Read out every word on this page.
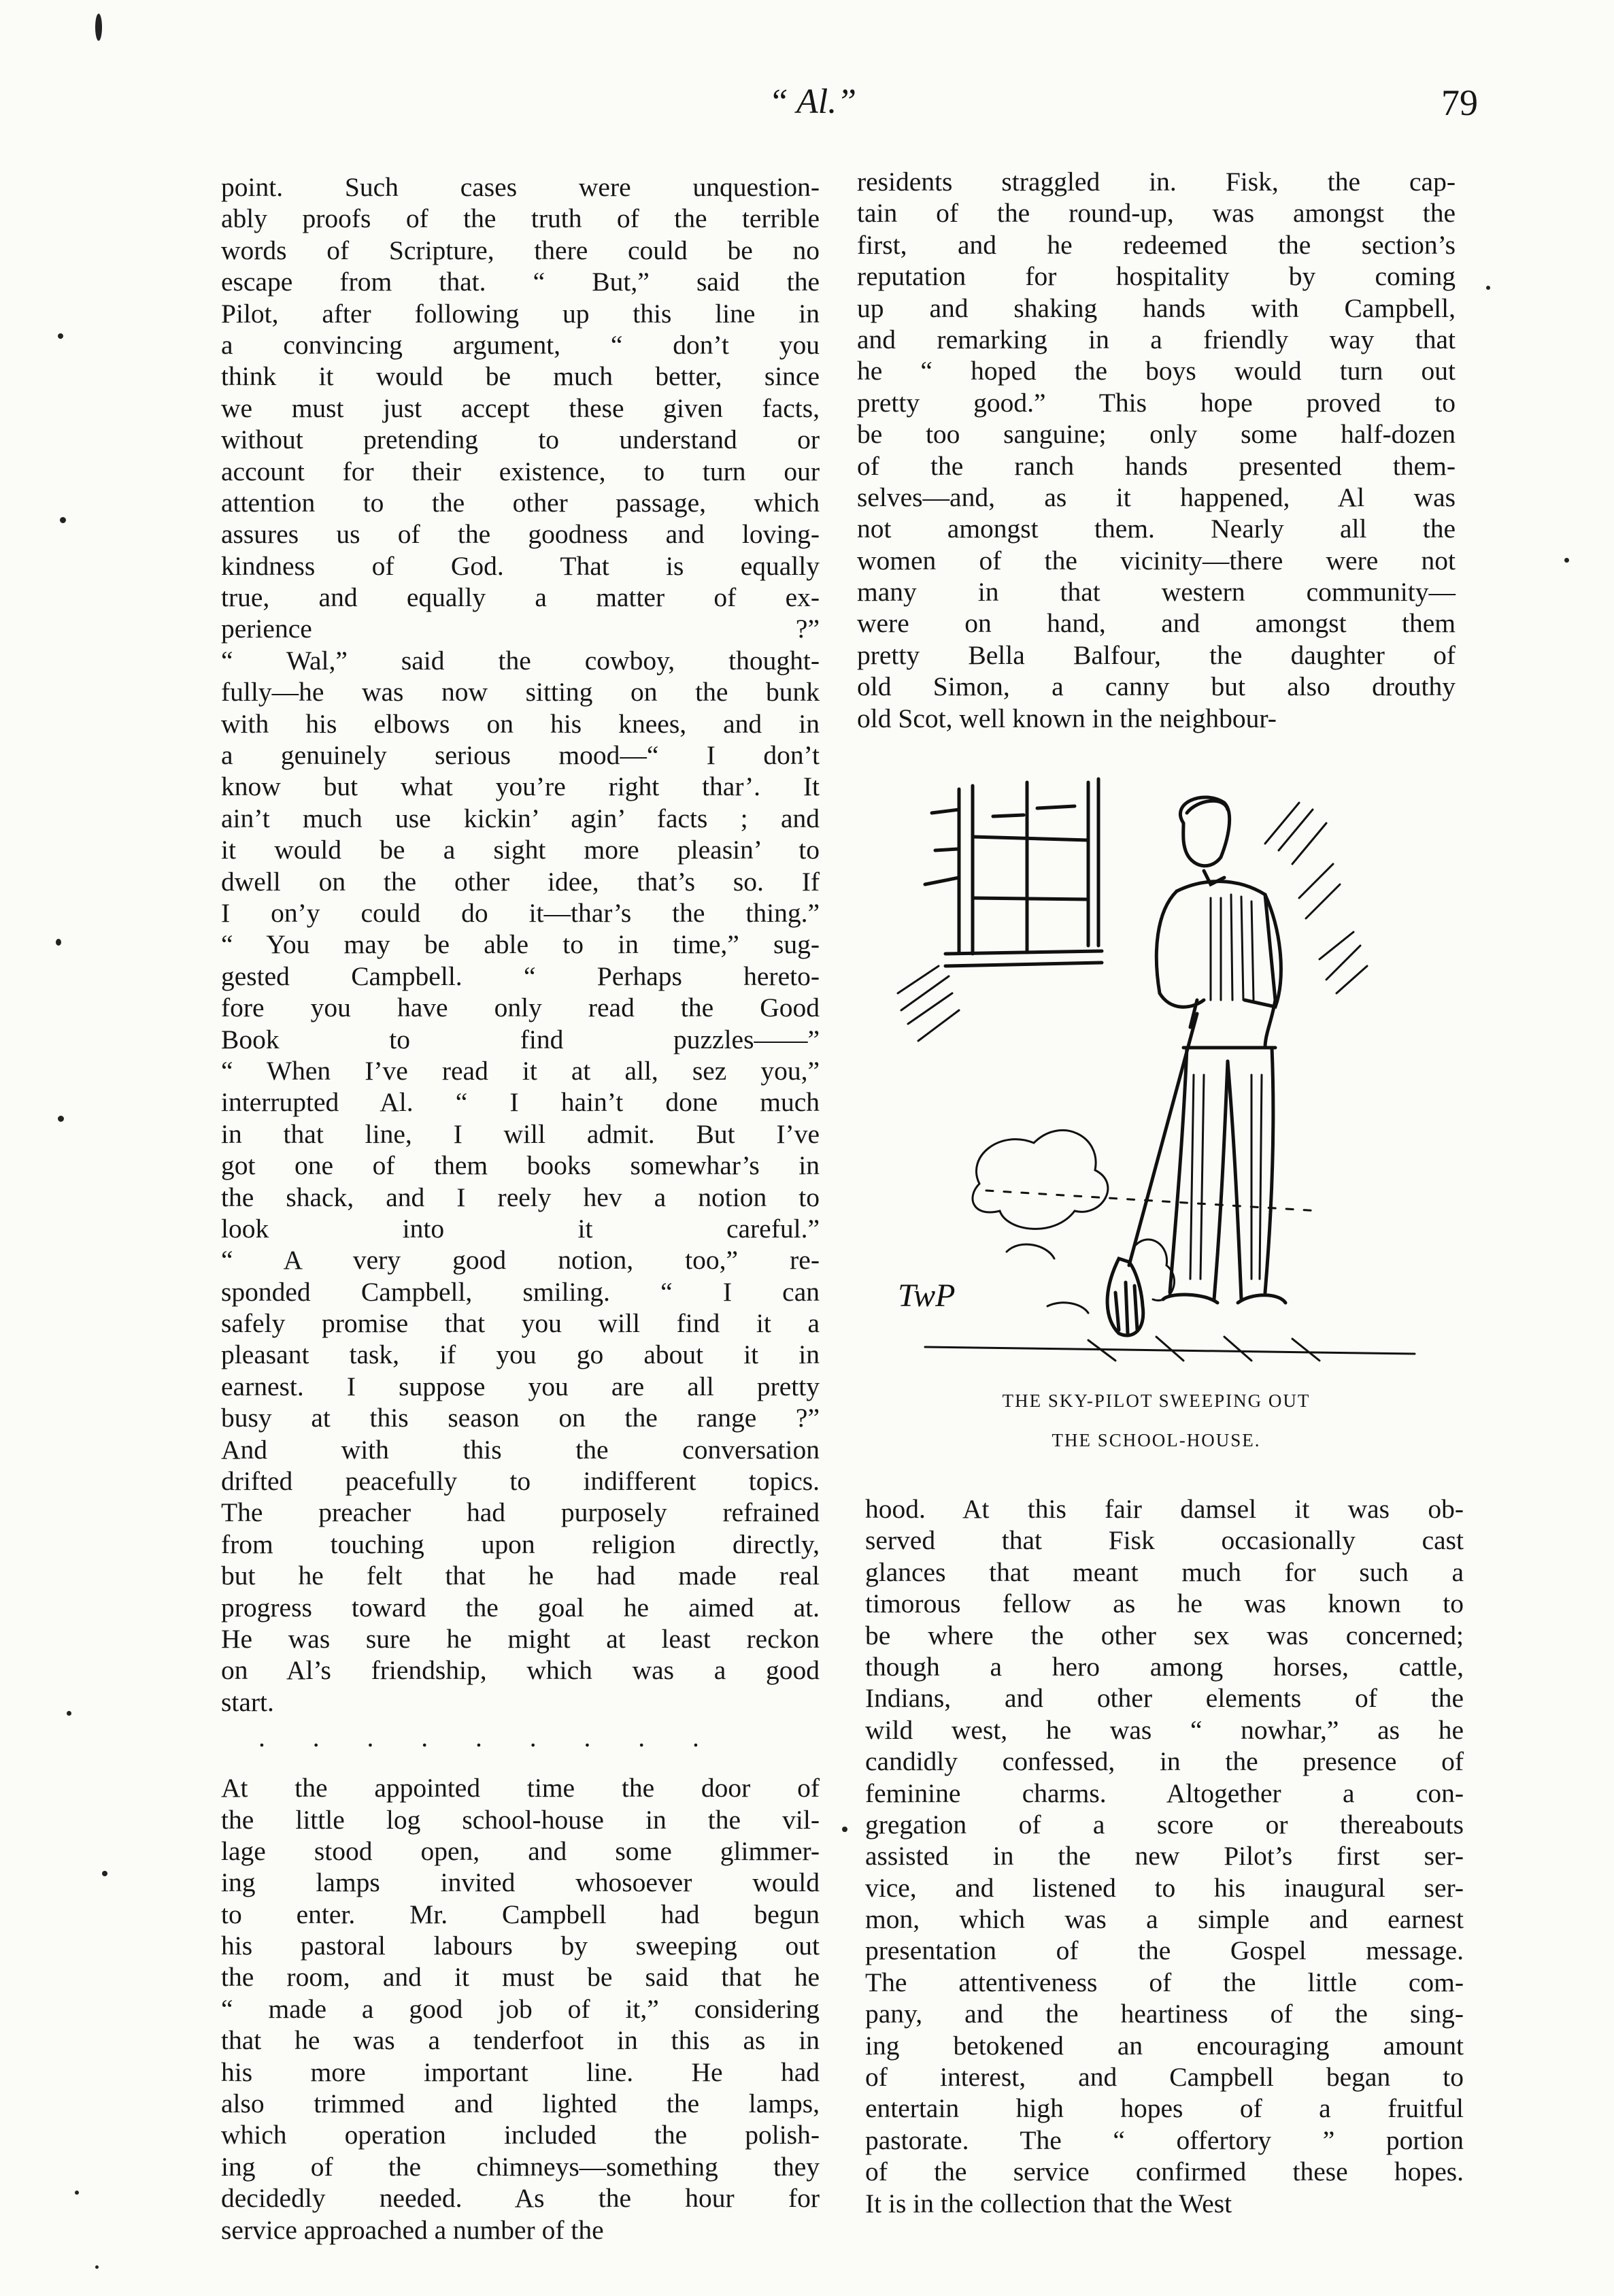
“ Al.”	79
point. Such cases were unquestion-
ably proofs of the truth of the terrible
words of Scripture, there could be no
escape from that. “ But,” said the
Pilot, after following up this line in
a convincing argument, “ don’t you
think it would be much better, since
we must just accept these given facts,
without pretending to understand or
account for their existence, to turn our
attention to the other passage, which
assures us of the goodness and loving-
kindness of God. That is equally
true, and equally a matter of ex-
perience ?”
“ Wal,” said the cowboy, thought-
fully—he was now sitting on the bunk
with his elbows on his knees, and in
a genuinely serious mood—“ I don’t
know but what you’re right thar’. It
ain’t much use kickin’ agin’ facts ; and
it would be a sight more pleasin’ to
dwell on the other idee, that’s so. If
I on’y could do it—thar’s the thing.”
“ You may be able to in time,” sug-
gested Campbell. “ Perhaps hereto-
fore you have only read the Good
Book to find puzzles——”
“ When I’ve read it at all, sez you,”
interrupted Al. “ I hain’t done much
in that line, I will admit. But I’ve
got one of them books somewhar’s in
the shack, and I reely hev a notion to
look into it careful.”
“ A very good notion, too,” re-
sponded Campbell, smiling. “ I can
safely promise that you will find it a
pleasant task, if you go about it in
earnest. I suppose you are all pretty
busy at this season on the range ?”
And with this the conversation
drifted peacefully to indifferent topics.
The preacher had purposely refrained
from touching upon religion directly,
but he felt that he had made real
progress toward the goal he aimed at.
He was sure he might at least reckon
on Al’s friendship, which was a good
start.
. . . . . . . . .
At the appointed time the door of
the little log school-house in the vil-
lage stood open, and some glimmer-
ing lamps invited whosoever would
to enter. Mr. Campbell had begun
his pastoral labours by sweeping out
the room, and it must be said that he
“ made a good job of it,” considering
that he was a tenderfoot in this as in
his more important line. He had
also trimmed and lighted the lamps,
which operation included the polish-
ing of the chimneys—something they
decidedly needed. As the hour for
service approached a number of the
residents straggled in. Fisk, the cap-
tain of the round-up, was amongst the
first, and he redeemed the section’s
reputation for hospitality by coming
up and shaking hands with Campbell,
and remarking in a friendly way that
he “ hoped the boys would turn out
pretty good.” This hope proved to
be too sanguine; only some half-dozen
of the ranch hands presented them-
selves—and, as it happened, Al was
not amongst them. Nearly all the
women of the vicinity—there were not
many in that western community—
were on hand, and amongst them
pretty Bella Balfour, the daughter of
old Simon, a canny but also drouthy
old Scot, well known in the neighbour-
TwP
THE SKY-PILOT SWEEPING OUT
THE SCHOOL-HOUSE.
hood. At this fair damsel it was ob-
served that Fisk occasionally cast
glances that meant much for such a
timorous fellow as he was known to
be where the other sex was concerned;
though a hero among horses, cattle,
Indians, and other elements of the
wild west, he was “ nowhar,” as he
candidly confessed, in the presence of
feminine charms. Altogether a con-
gregation of a score or thereabouts
assisted in the new Pilot’s first ser-
vice, and listened to his inaugural ser-
mon, which was a simple and earnest
presentation of the Gospel message.
The attentiveness of the little com-
pany, and the heartiness of the sing-
ing betokened an encouraging amount
of interest, and Campbell began to
entertain high hopes of a fruitful
pastorate. The “ offertory ” portion
of the service confirmed these hopes.
It is in the collection that the West
